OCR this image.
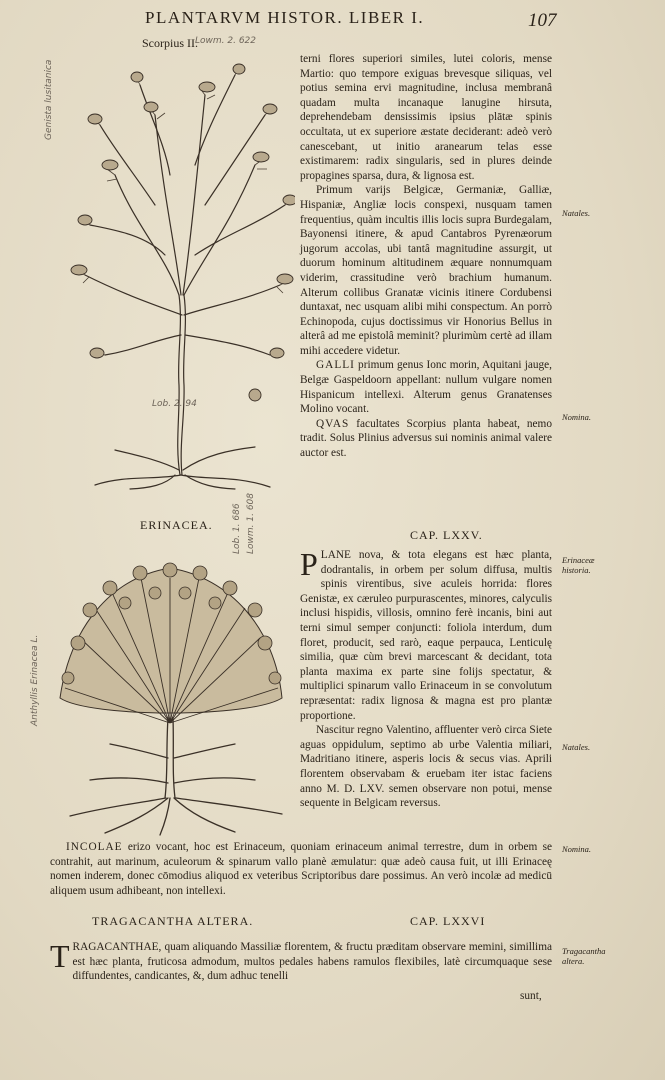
PLANTARVM HISTOR. LIBER I.	107
Scorpius II.
Lowm. 2. 622
Genista lusitanica
Lob. 2. 94

terni flores superiori similes, lutei coloris, mense Martio: quo tempore exiguas brevesque siliquas, vel potius semina ervi magnitudine, inclusa membranâ quadam multa incanaque lanugine hirsuta, deprehendebam densissimis ipsius plātæ spinis occultata, ut ex superiore æstate deciderant: adeò verò canescebant, ut initio aranearum telas esse existimarem: radix singularis, sed in plures deinde propagines sparsa, dura, & lignosa est.

Primum varijs Belgicæ, Germaniæ, Galliæ, Hispaniæ, Angliæ locis conspexi, nusquam tamen frequentius, quàm incultis illis locis supra Burdegalam, Bayonensi itinere, & apud Cantabros Pyrenæorum jugorum accolas, ubi tantâ magnitudine assurgit, ut duorum hominum altitudinem æquare nonnumquam viderim, crassitudine verò brachium humanum. Alterum collibus Granatæ vicinis itinere Cordubensi duntaxat, nec usquam alibi mihi conspectum. An porrò Echinopoda, cujus doctissimus vir Honorius Bellus in alterâ ad me epistolâ meminit? plurimùm certè ad illam mihi accedere videtur.

GALLI primum genus Ionc morin, Aquitani jauge, Belgæ Gaspeldoorn appellant: nullum vulgare nomen Hispanicum intellexi. Alterum genus Granatenses Molino vocant.

QVAS facultates Scorpius planta habeat, nemo tradit. Solus Plinius adversus sui nominis animal valere auctor est.

Natales.
Nomina.
Erinaceæ historia.
Natales.
Nomina.
Tragacantha altera.
ERINACEA.
CAP. LXXV.
Anthyllis Erinacea L.
Lob. 1. 686 Lowm. 1. 608

PLANE nova, & tota elegans est hæc planta, dodrantalis, in orbem per solum diffusa, multis spinis virentibus, sive aculeis horrida: flores Genistæ, ex cæruleo purpurascentes, minores, calyculis inclusi hispidis, villosis, omnino ferè incanis, bini aut terni simul semper conjuncti: foliola interdum, dum floret, producit, sed rarò, eaque perpauca, Lenticulę similia, quæ cùm brevi marcescant & decidant, tota planta maxima ex parte sine folijs spectatur, & multiplici spinarum vallo Erinaceum in se convolutum repræsentat: radix lignosa & magna est pro plantæ proportione.

Nascitur regno Valentino, affluenter verò circa Siete aguas oppidulum, septimo ab urbe Valentia miliari, Madritiano itinere, asperis locis & secus vias. Aprili florentem observabam & eruebam iter istac faciens anno M. D. LXV. semen observare non potui, mense sequente in Belgicam reversus.

INCOLAE erizo vocant, hoc est Erinaceum, quoniam erinaceum animal terrestre, dum in orbem se contrahit, aut marinum, aculeorum & spinarum vallo planè æmulatur: quæ adeò causa fuit, ut illi Erinaceę nomen inderem, donec cōmodius aliquod ex veteribus Scriptoribus dare possimus. An verò incolæ ad medicū aliquem usum adhibeant, non intellexi.

TRAGACANTHA ALTERA.	CAP. LXXVI

TRAGACANTHAE, quam aliquando Massiliæ florentem, & fructu præditam observare memini, simillima est hæc planta, fruticosa admodum, multos pedales habens ramulos flexibiles, latè circumquaque sese diffundentes, candicantes, &, dum adhuc tenelli

sunt,
